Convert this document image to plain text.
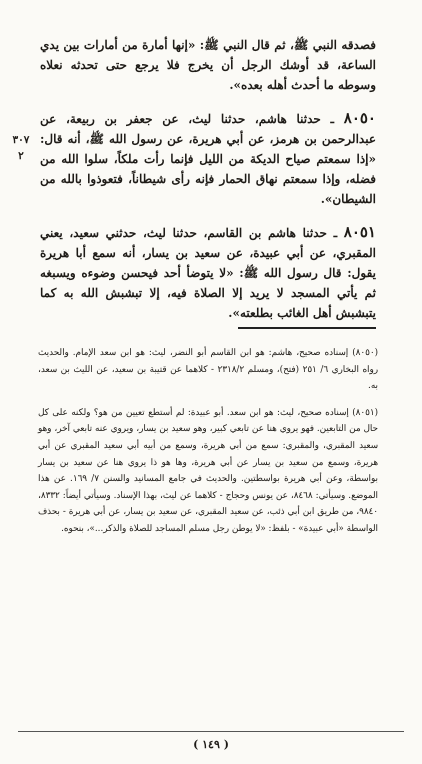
فصدقه النبي ﷺ، ثم قال النبي ﷺ: «إنها أمارة من أمارات بين يدي الساعة، قد أوشك الرجل أن يخرج فلا يرجع حتى تحدثه نعلاه وسوطه ما أحدث أهله بعده».

٨٠٥٠ ـ حدثنا هاشم، حدثنا ليث، عن جعفر بن ربيعة، عن عبدالرحمن بن هرمز، عن أبي هريرة، عن رسول الله ﷺ، أنه قال: «إذا سمعتم صياح الديكة من الليل فإنما رأت ملكاً، سلوا الله من فضله، وإذا سمعتم نهاق الحمار فإنه رأى شيطاناً، فتعوذوا بالله من الشيطان».

٨٠٥١ ـ حدثنا هاشم بن القاسم، حدثنا ليث، حدثني سعيد، يعني المقبري، عن أبي عبيدة، عن سعيد بن يسار، أنه سمع أبا هريرة يقول: قال رسول الله ﷺ: «لا يتوضأ أحد فيحسن وضوءه ويسبغه ثم يأتي المسجد لا يريد إلا الصلاة فيه، إلا تبشبش الله به كما يتبشبش أهل الغائب بطلعته».

٣٠٧
٢

(٨٠٥٠) إسناده صحيح، هاشم: هو ابن القاسم أبو النضر، ليث: هو ابن سعد الإمام. والحديث رواه البخاري ٦/ ٢٥١ (فتح)، ومسلم ٢٣١٨/٢ - كلاهما عن قتيبة بن سعيد، عن الليث بن سعد، به.

(٨٠٥١) إسناده صحيح، ليث: هو ابن سعد. أبو عبيدة: لم أستطع تعيين من هو؟ ولكنه على كل حال من التابعين. فهو يروي هنا عن تابعي كبير، وهو سعيد بن يسار، ويروي عنه تابعي آخر، وهو سعيد المقبري، والمقبري: سمع من أبي هريرة، وسمع من أبيه أبي سعيد المقبري عن أبي هريرة، وسمع من سعيد بن يسار عن أبي هريرة، وها هو ذا يروي هنا عن سعيد بن يسار بواسطة، وعن أبي هريرة بواسطتين. والحديث في جامع المسانيد والسنن ٧/ ١٦٩. عن هذا الموضع. وسيأتي: ٨٤٦٨، عن يونس وحجاج - كلاهما عن ليث، بهذا الإسناد. وسيأتي أيضاً: ٨٣٣٢، ٩٨٤٠، من طريق ابن أبي ذئب، عن سعيد المقبري، عن سعيد بن يسار، عن أبي هريرة - بحذف الواسطة «أبي عبيدة» - بلفظ: «لا يوطن رجل مسلم المساجد للصلاة والذكر...»، بنحوه.

( ١٤٩ )
